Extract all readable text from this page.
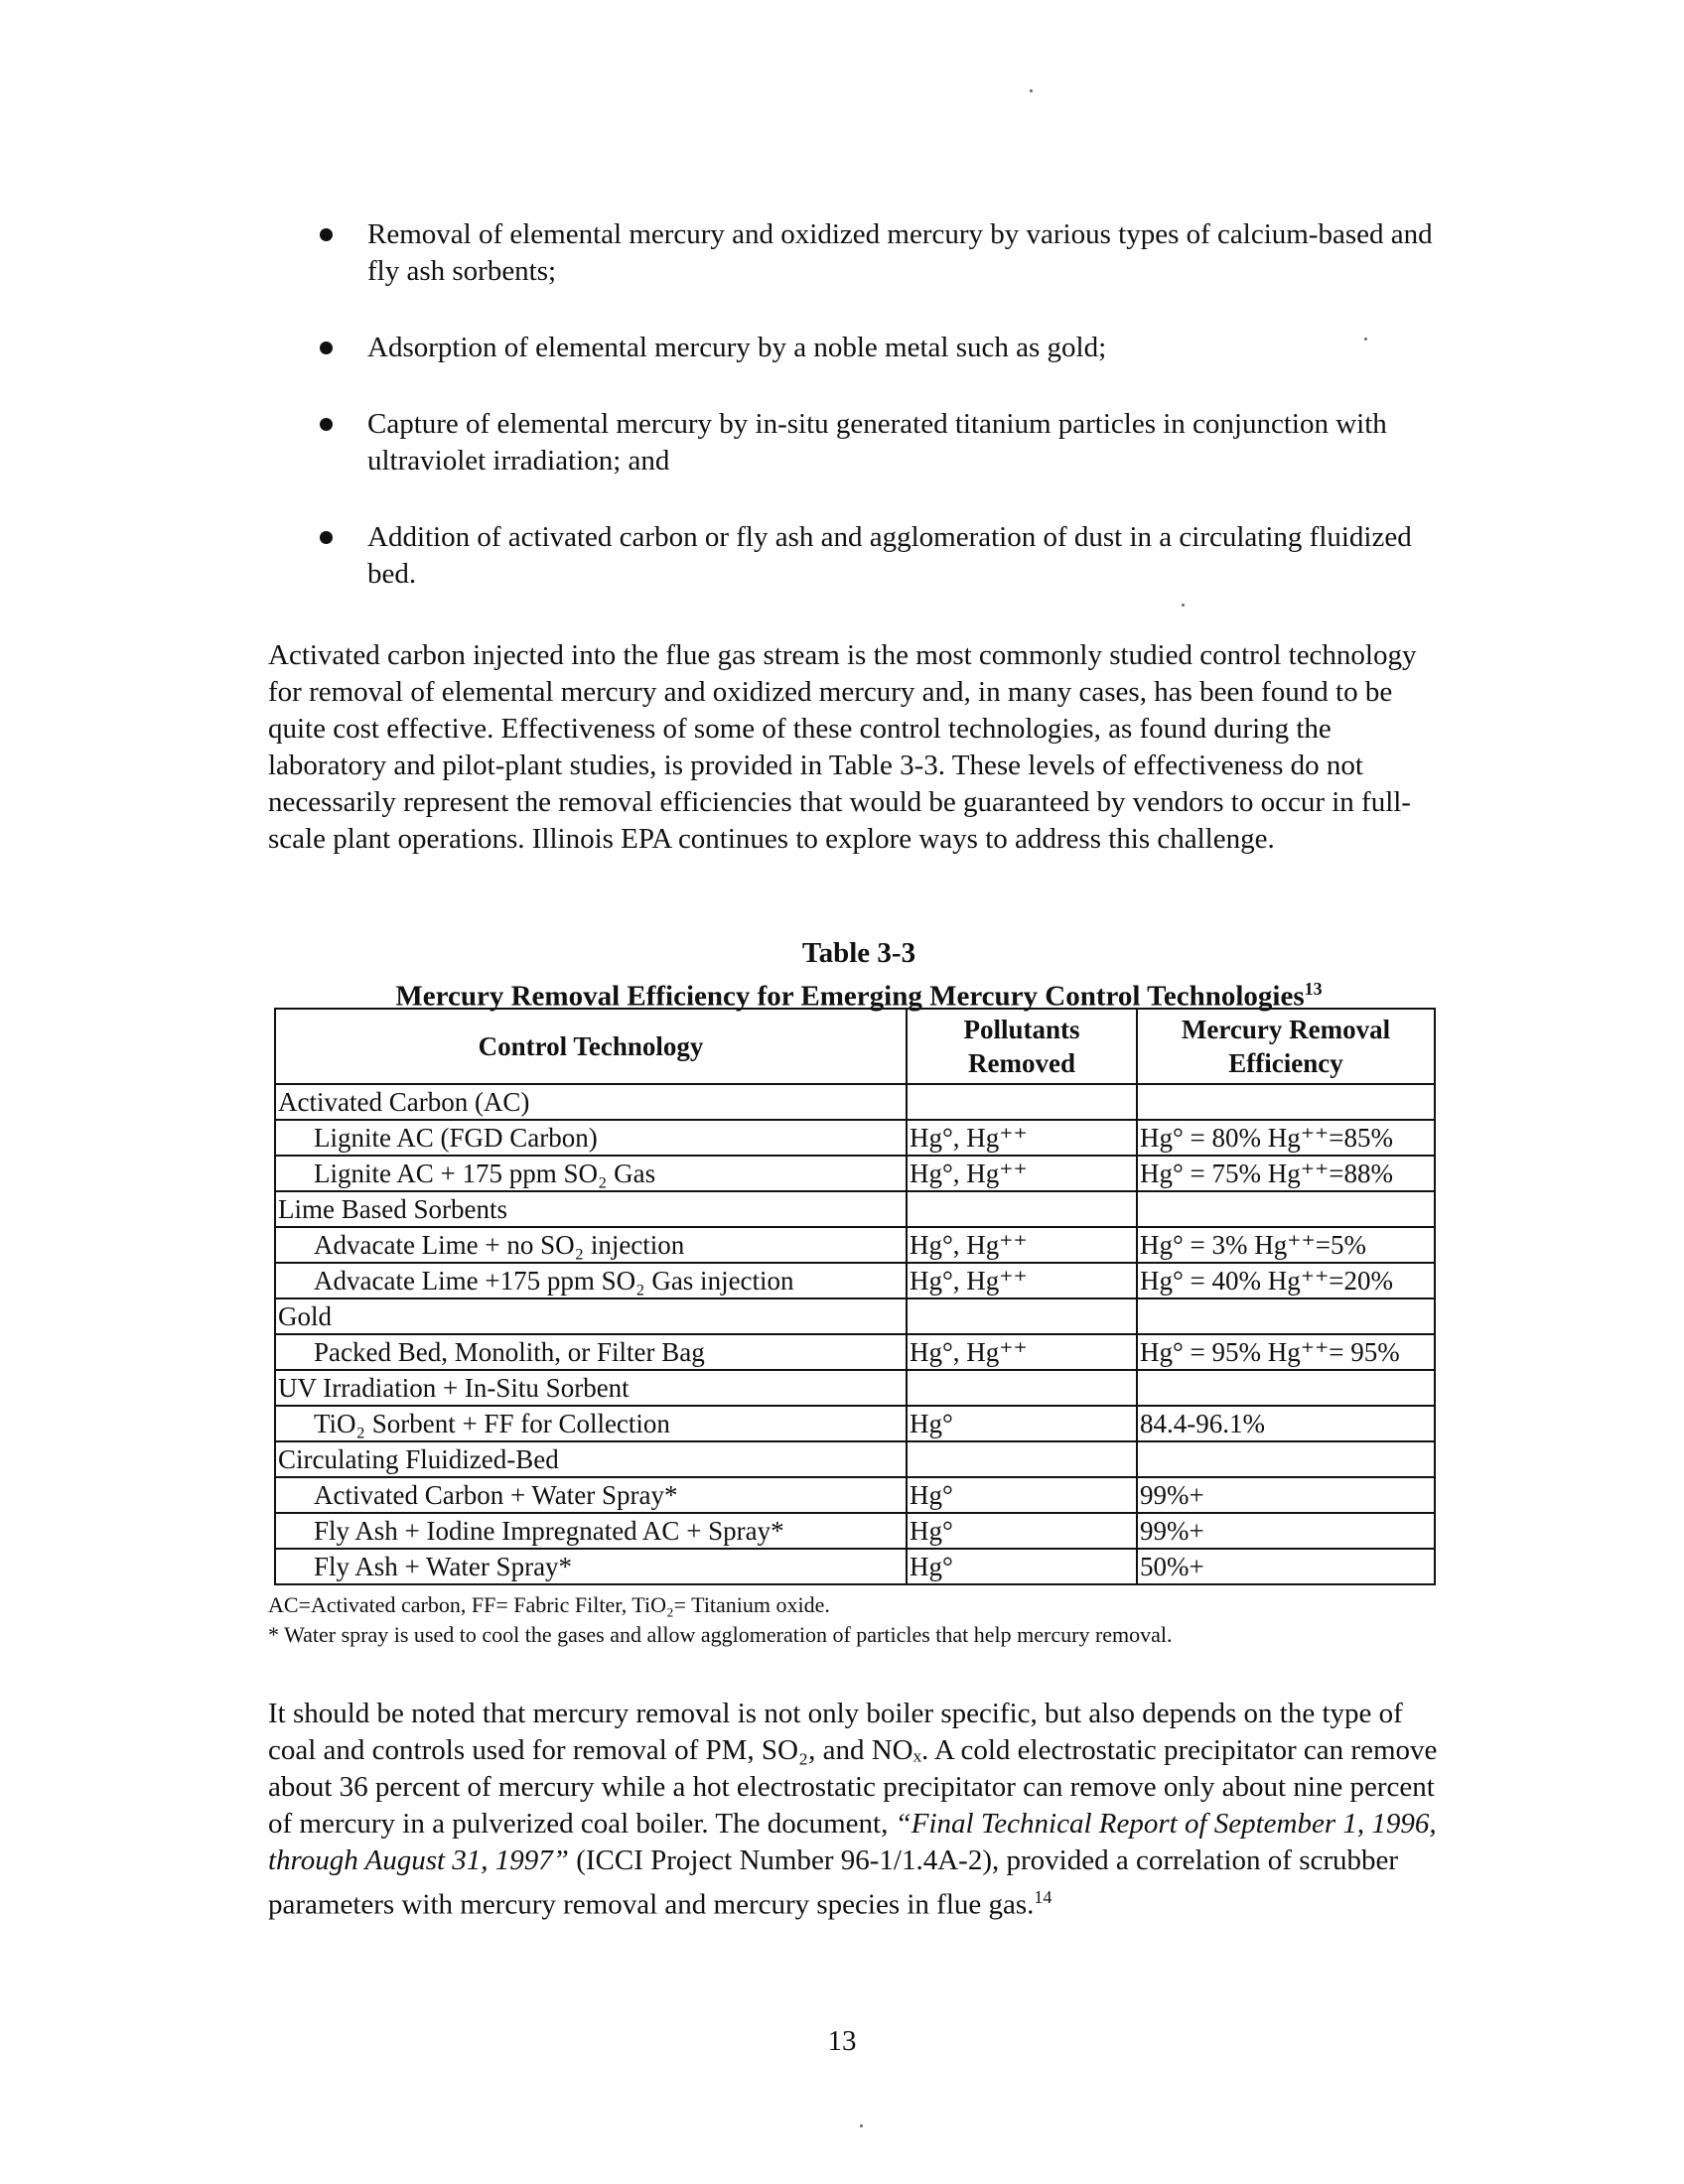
Removal of elemental mercury and oxidized mercury by various types of calcium-based and fly ash sorbents;
Adsorption of elemental mercury by a noble metal such as gold;
Capture of elemental mercury by in-situ generated titanium particles in conjunction with ultraviolet irradiation; and
Addition of activated carbon or fly ash and agglomeration of dust in a circulating fluidized bed.

Activated carbon injected into the flue gas stream is the most commonly studied control technology for removal of elemental mercury and oxidized mercury and, in many cases, has been found to be quite cost effective. Effectiveness of some of these control technologies, as found during the laboratory and pilot-plant studies, is provided in Table 3-3. These levels of effectiveness do not necessarily represent the removal efficiencies that would be guaranteed by vendors to occur in full-scale plant operations. Illinois EPA continues to explore ways to address this challenge.

Table 3-3
Mercury Removal Efficiency for Emerging Mercury Control Technologies$^{13}$
Control Technology	Pollutants Removed	Mercury Removal Efficiency
Activated Carbon (AC)		
Lignite AC (FGD Carbon)	Hg°, Hg⁺⁺	Hg° = 80% Hg⁺⁺=85%
Lignite AC + 175 ppm SO₂ Gas	Hg°, Hg⁺⁺	Hg° = 75% Hg⁺⁺=88%
Lime Based Sorbents		
Advacate Lime + no SO₂ injection	Hg°, Hg⁺⁺	Hg° = 3% Hg⁺⁺=5%
Advacate Lime +175 ppm SO₂ Gas injection	Hg°, Hg⁺⁺	Hg° = 40% Hg⁺⁺=20%
Gold		
Packed Bed, Monolith, or Filter Bag	Hg°, Hg⁺⁺	Hg° = 95% Hg⁺⁺= 95%
UV Irradiation + In-Situ Sorbent		
TiO₂ Sorbent + FF for Collection	Hg°	84.4-96.1%
Circulating Fluidized-Bed		
Activated Carbon + Water Spray*	Hg°	99%+
Fly Ash + Iodine Impregnated AC + Spray*	Hg°	99%+
Fly Ash + Water Spray*	Hg°	50%+
AC=Activated carbon, FF= Fabric Filter, TiO₂= Titanium oxide.
* Water spray is used to cool the gases and allow agglomeration of particles that help mercury removal.

It should be noted that mercury removal is not only boiler specific, but also depends on the type of coal and controls used for removal of PM, SO₂, and NOₓ. A cold electrostatic precipitator can remove about 36 percent of mercury while a hot electrostatic precipitator can remove only about nine percent of mercury in a pulverized coal boiler. The document, “Final Technical Report of September 1, 1996, through August 31, 1997” (ICCI Project Number 96-1/1.4A-2), provided a correlation of scrubber parameters with mercury removal and mercury species in flue gas.$^{14}$

13
